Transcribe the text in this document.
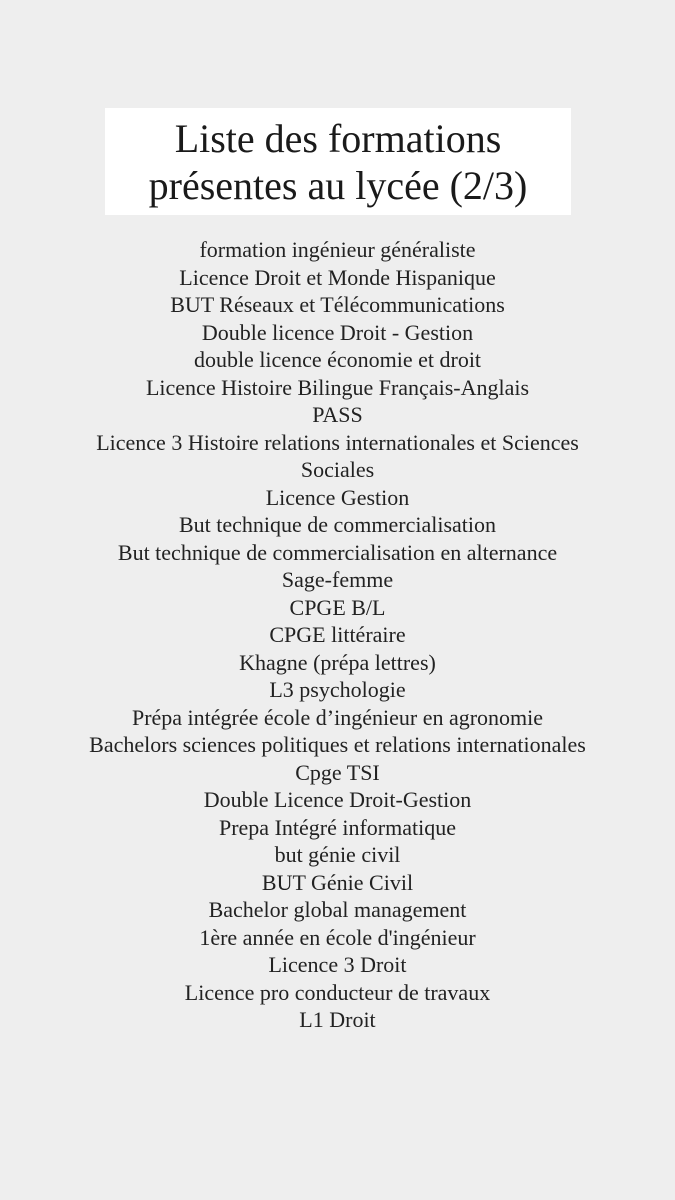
Liste des formations
présentes au lycée (2/3)
formation ingénieur généraliste
Licence Droit et Monde Hispanique
BUT Réseaux et Télécommunications
Double licence Droit - Gestion
double licence économie et droit
Licence Histoire Bilingue Français-Anglais
PASS
Licence 3 Histoire relations internationales et Sciences Sociales
Licence Gestion
But technique de commercialisation
But technique de commercialisation en alternance
Sage-femme
CPGE B/L
CPGE littéraire
Khagne (prépa lettres)
L3 psychologie
Prépa intégrée école d’ingénieur en agronomie
Bachelors sciences politiques et relations internationales
Cpge TSI
Double Licence Droit-Gestion
Prepa Intégré informatique
but génie civil
BUT Génie Civil
Bachelor global management
1ère année en école d'ingénieur
Licence 3 Droit
Licence pro conducteur de travaux
L1 Droit
